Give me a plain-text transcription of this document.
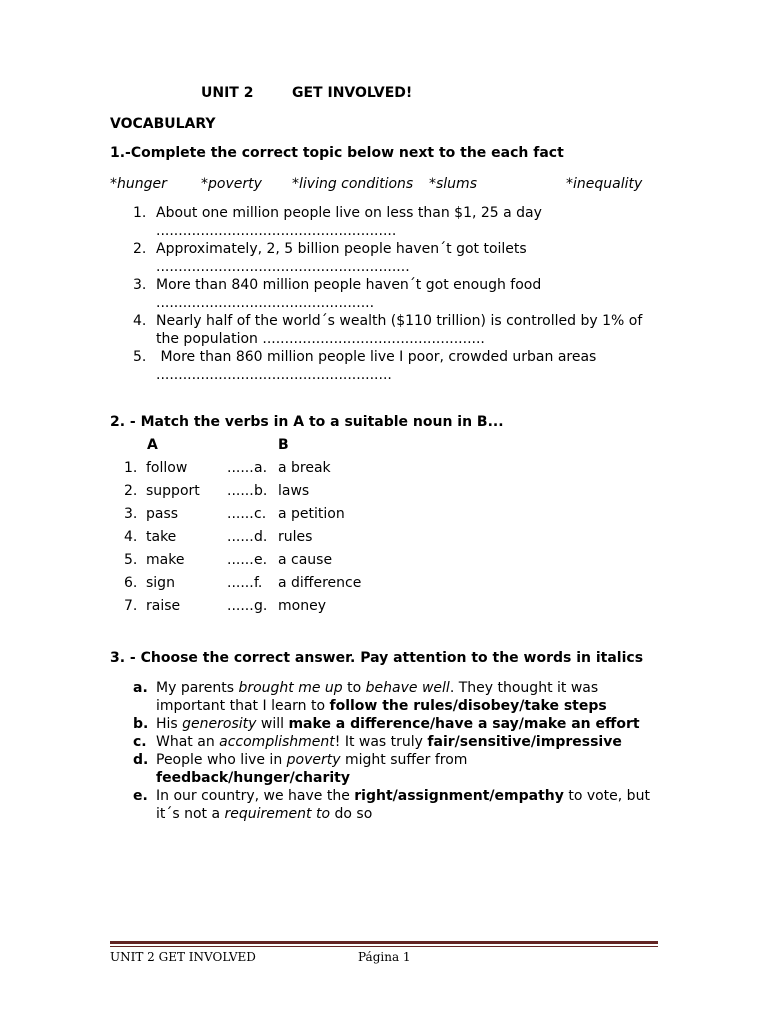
UNIT 2	GET INVOLVED!
VOCABULARY
1.-Complete the correct topic below next to the each fact
*hunger *poverty *living conditions *slums	*inequality
1. About one million people live on less than $1, 25 a day
......................................................
2. Approximately, 2, 5 billion people haven´t got toilets
.........................................................
3. More than 840 million people haven´t got enough food
.................................................
4. Nearly half of the world´s wealth ($110 trillion) is controlled by 1% of
the population ..................................................
5. More than 860 million people live I poor, crowded urban areas
.....................................................
2. - Match the verbs in A to a suitable noun in B...
A	B
1. follow	...... a. a break
2. support ...... b. laws
3. pass	...... c. a petition
4. take	...... d. rules
5. make	...... e. a cause
6. sign	...... f. a difference
7. raise	...... g. money
3. - Choose the correct answer. Pay attention to the words in italics
a. My parents brought me up to behave well. They thought it was
important that I learn to follow the rules/disobey/take steps
b. His generosity will make a difference/have a say/make an effort
c. What an accomplishment! It was truly fair/sensitive/impressive
d. People who live in poverty might suffer from
feedback/hunger/charity
e. In our country, we have the right/assignment/empathy to vote, but
it´s not a requirement to do so
UNIT 2 GET INVOLVED	Página 1
